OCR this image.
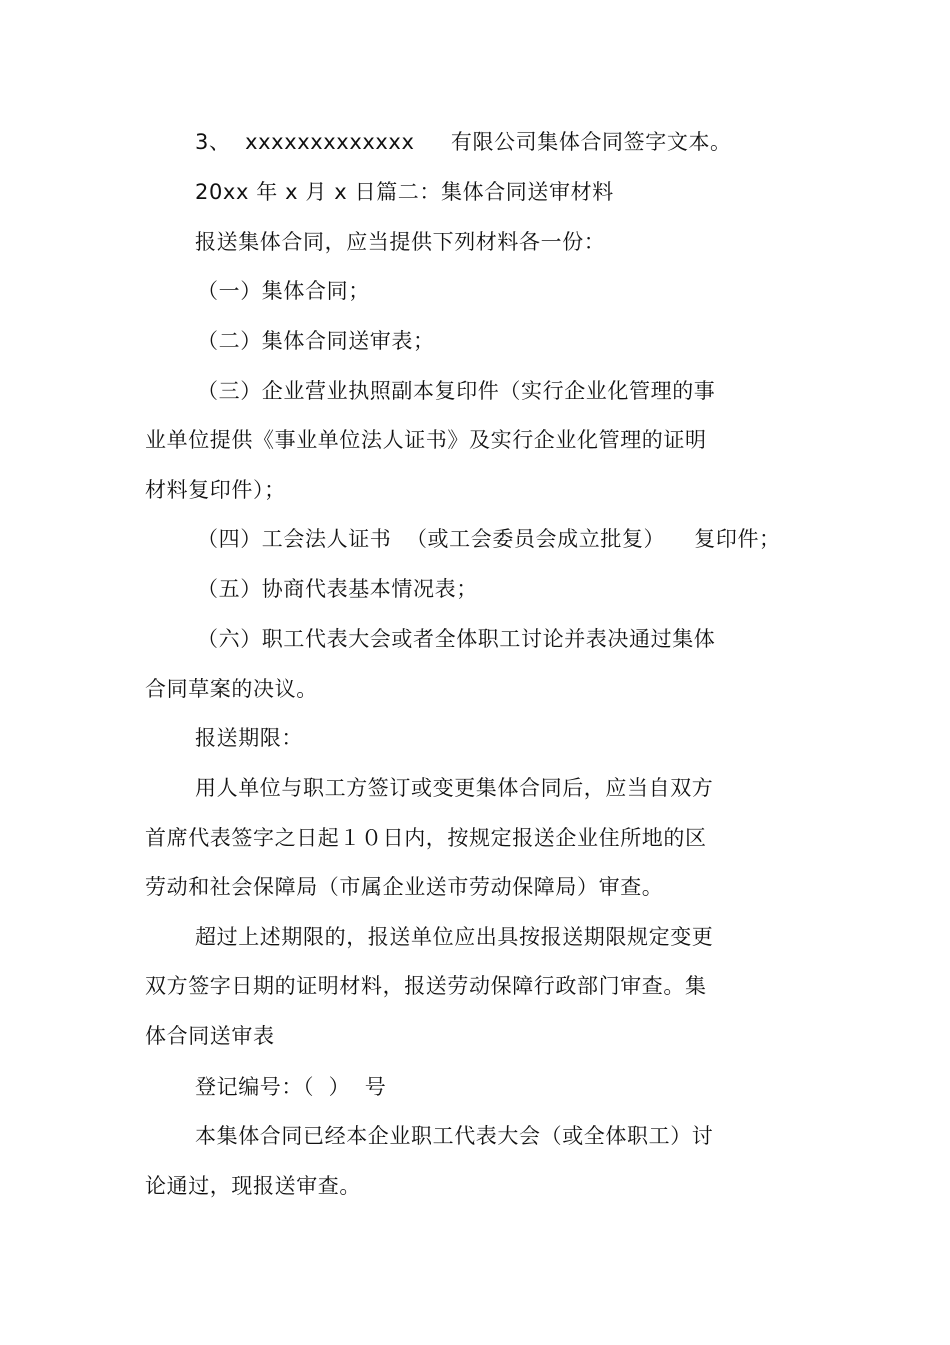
3、  xxxxxxxxxxxxx     有限公司集体合同签字文本。
20xx 年 x 月 x 日篇二：集体合同送审材料
报送集体合同，应当提供下列材料各一份：
（一）集体合同；
（二）集体合同送审表；
（三）企业营业执照副本复印件（实行企业化管理的事
业单位提供《事业单位法人证书》及实行企业化管理的证明
材料复印件）；
（四）工会法人证书  （或工会委员会成立批复）    复印件；
（五）协商代表基本情况表；
（六）职工代表大会或者全体职工讨论并表决通过集体
合同草案的决议。
报送期限：
用人单位与职工方签订或变更集体合同后，应当自双方
首席代表签字之日起１０日内，按规定报送企业住所地的区
劳动和社会保障局（市属企业送市劳动保障局）审查。
超过上述期限的，报送单位应出具按报送期限规定变更
双方签字日期的证明材料，报送劳动保障行政部门审查。集
体合同送审表
登记编号：（  ）  号
本集体合同已经本企业职工代表大会（或全体职工）讨
论通过，现报送审查。
